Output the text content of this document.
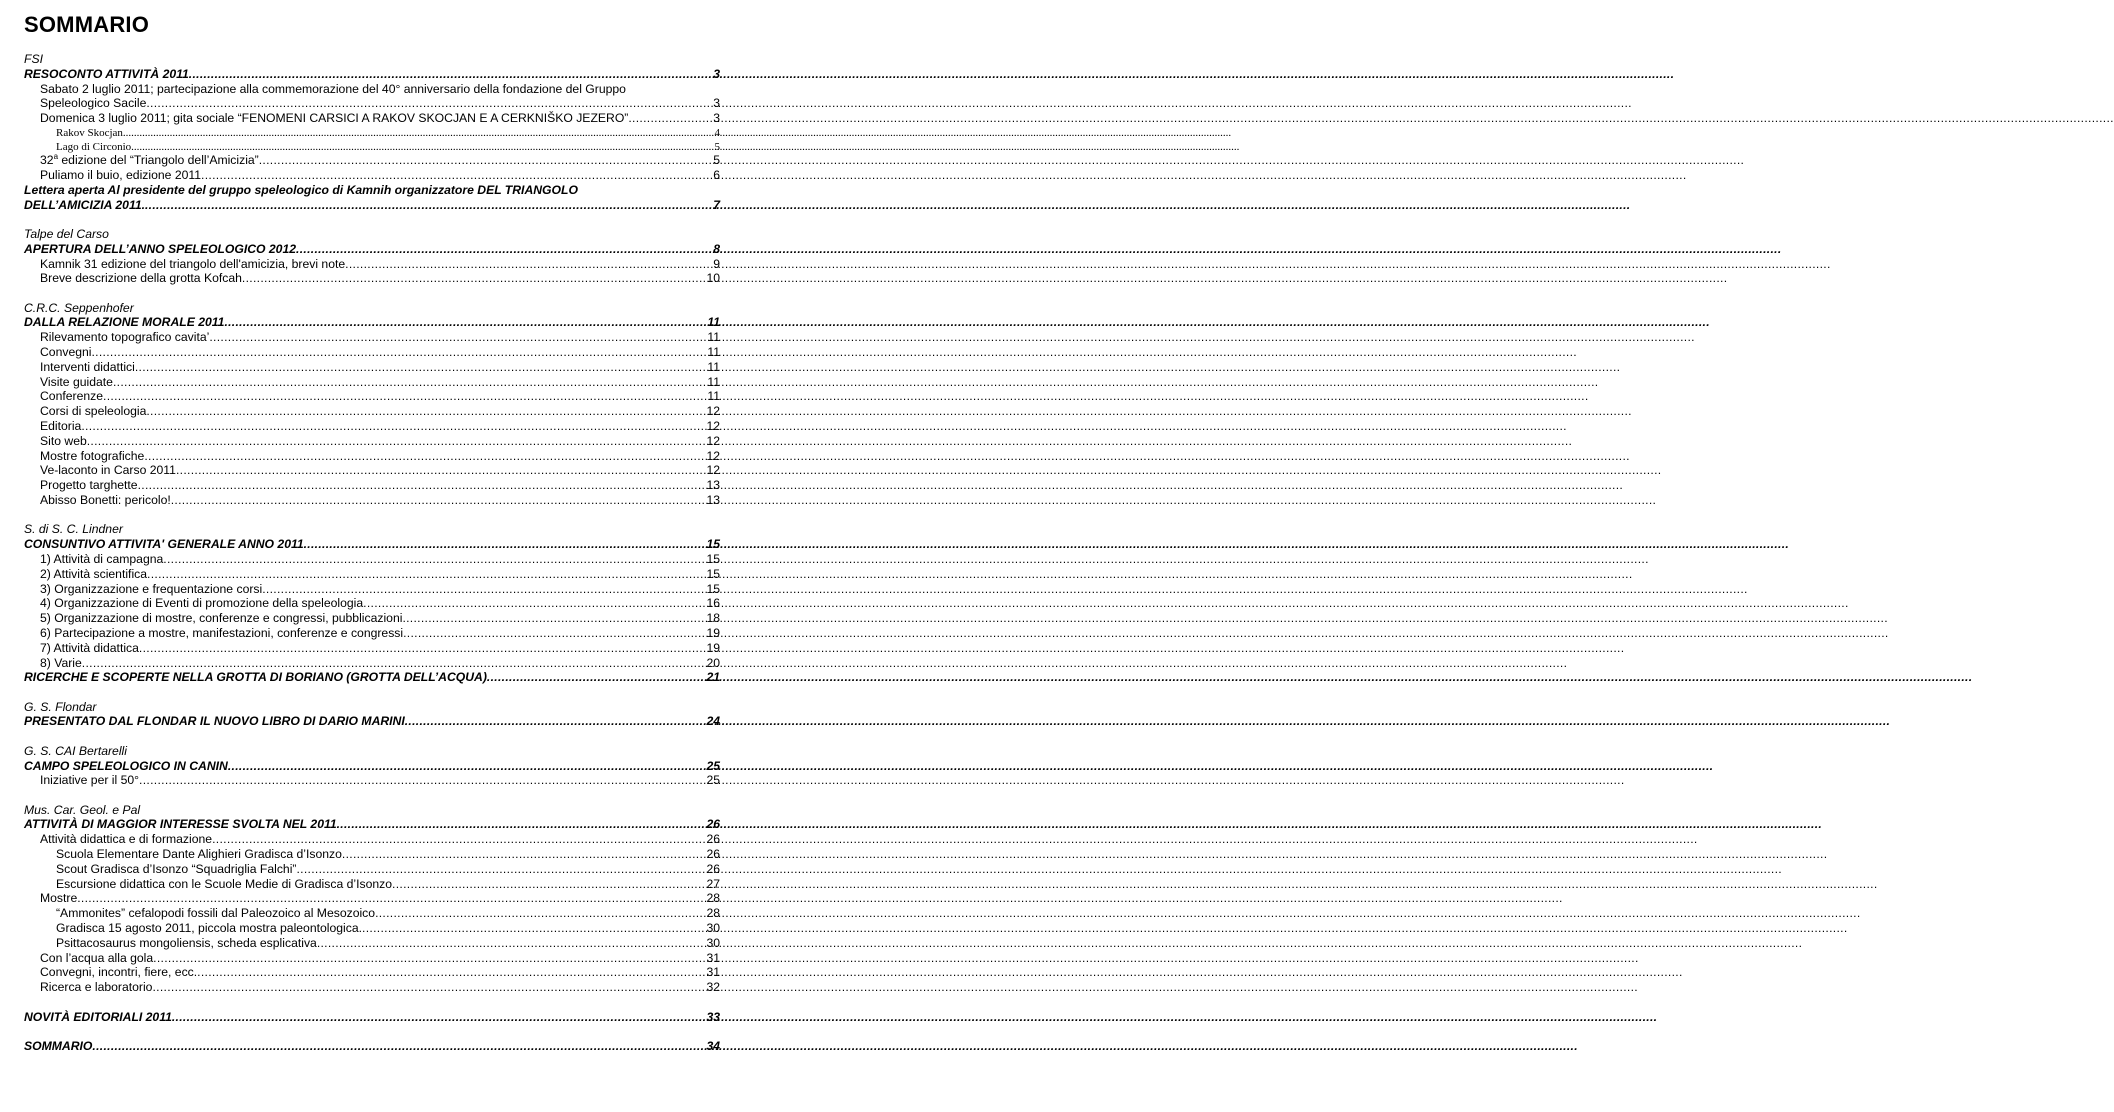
SOMMARIO
FSI
RESOCONTO ATTIVITÀ 2011 .....	3
Sabato 2 luglio 2011; partecipazione alla commemorazione del 40° anniversario della fondazione del Gruppo
Speleologico Sacile .....	3
Domenica 3 luglio 2011; gita sociale “FENOMENI CARSICI A RAKOV SKOCJAN E A CERKNIŠKO JEZERO” .....	3
Rakov Skocjan .....	4
Lago di Circonio .....	5
32$^a$ edizione del “Triangolo dell’Amicizia” .....	5
Puliamo il buio, edizione 2011 .....	6
Lettera aperta Al presidente del gruppo speleologico di Kamnih organizzatore DEL TRIANGOLO
DELL’AMICIZIA 2011. .....	7
Talpe del Carso
APERTURA DELL’ANNO SPELEOLOGICO 2012 .....	8
Kamnik 31 edizione del triangolo dell'amicizia, brevi note .....	9
Breve descrizione della grotta Kofcah .....	10
C.R.C. Seppenhofer
DALLA RELAZIONE MORALE 2011 .....	11
Rilevamento topografico cavita’ .....	11
Convegni .....	11
Interventi didattici .....	11
Visite guidate .....	11
Conferenze .....	11
Corsi di speleologia .....	12
Editoria .....	12
Sito web .....	12
Mostre fotografiche .....	12
Ve-laconto in Carso 2011 .....	12
Progetto targhette .....	13
Abisso Bonetti: pericolo! .....	13
S. di S. C. Lindner
CONSUNTIVO ATTIVITA' GENERALE ANNO 2011 .....	15
1) Attività di campagna .....	15
2) Attività scientifica .....	15
3) Organizzazione e frequentazione corsi .....	15
4) Organizzazione di Eventi di promozione della speleologia .....	16
5) Organizzazione di mostre, conferenze e congressi, pubblicazioni .....	18
6) Partecipazione a mostre, manifestazioni, conferenze e congressi .....	19
7) Attività didattica .....	19
8) Varie .....	20
RICERCHE E SCOPERTE NELLA GROTTA DI BORIANO (GROTTA DELL’ACQUA) .....	21
G. S. Flondar
PRESENTATO DAL FLONDAR IL NUOVO LIBRO DI DARIO MARINI .....	24
G. S. CAI Bertarelli
CAMPO SPELEOLOGICO IN CANIN .....	25
Iniziative per il 50° .....	25
Mus. Car. Geol. e Pal
ATTIVITÀ DI MAGGIOR INTERESSE SVOLTA NEL 2011 .....	26
Attività didattica e di formazione .....	26
Scuola Elementare Dante Alighieri Gradisca d’Isonzo .....	26
Scout Gradisca d’Isonzo “Squadriglia Falchi” .....	26
Escursione didattica con le Scuole Medie di Gradisca d’Isonzo .....	27
Mostre .....	28
“Ammonites” cefalopodi fossili dal Paleozoico al Mesozoico .....	28
Gradisca 15 agosto 2011, piccola mostra paleontologica. .....	30
Psittacosaurus mongoliensis, scheda esplicativa .....	30
Con l’acqua alla gola .....	31
Convegni, incontri, fiere, ecc. .....	31
Ricerca e laboratorio .....	32
NOVITÀ EDITORIALI 2011 .....	33
SOMMARIO .....	34
